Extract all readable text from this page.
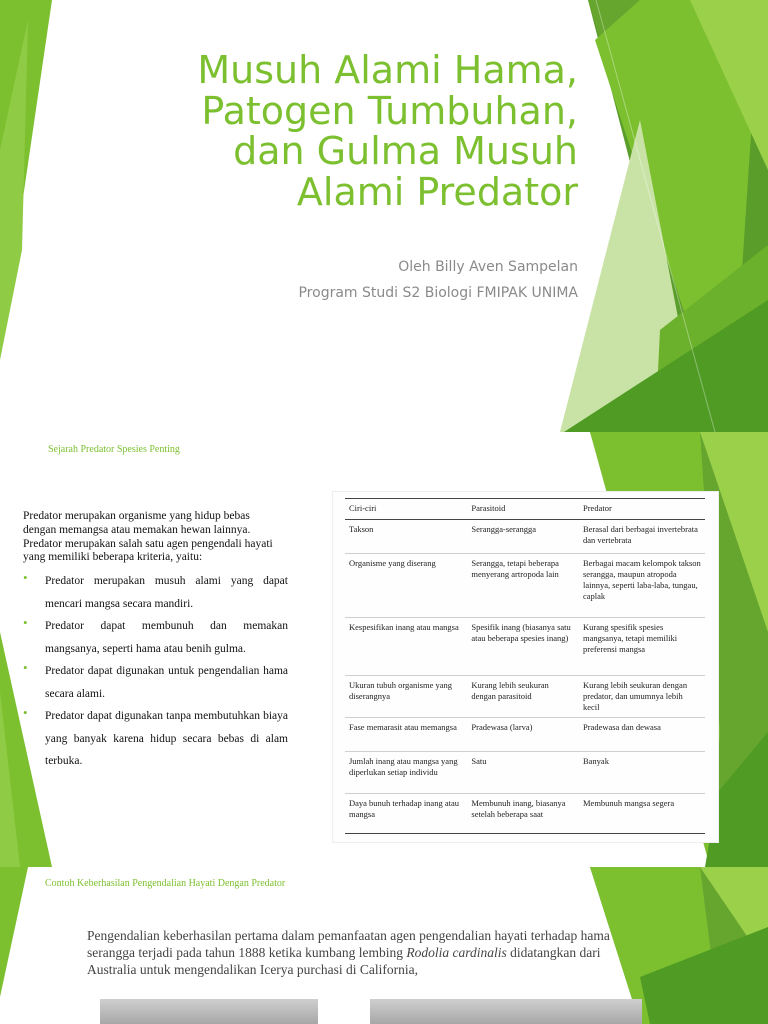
Musuh Alami Hama,
Patogen Tumbuhan,
dan Gulma Musuh
Alami Predator
Oleh Billy Aven Sampelan
Program Studi S2 Biologi FMIPAK UNIMA
Sejarah Predator Spesies Penting

Predator merupakan organisme yang hidup bebas dengan memangsa atau memakan hewan lainnya. Predator merupakan salah satu agen pengendali hayati yang memiliki beberapa kriteria, yaitu:

• Predator merupakan musuh alami yang dapat mencari mangsa secara mandiri.
• Predator dapat membunuh dan memakan mangsanya, seperti hama atau benih gulma.
• Predator dapat digunakan untuk pengendalian hama secara alami.
• Predator dapat digunakan tanpa membutuhkan biaya yang banyak karena hidup secara bebas di alam terbuka.
Ciri-ciri	Parasitoid	Predator
Takson	Serangga-serangga	Berasal dari berbagai invertebrata dan vertebrata
Organisme yang diserang	Serangga, tetapi beberapa menyerang artropoda lain	Berbagai macam kelompok takson serangga, maupun atropoda lainnya, seperti laba-laba, tungau, caplak
Kespesifikan inang atau mangsa	Spesifik inang (biasanya satu atau beberapa spesies inang)	Kurang spesifik spesies mangsanya, tetapi memiliki preferensi mangsa
Ukuran tubuh organisme yang diserangnya	Kurang lebih seukuran dengan parasitoid	Kurang lebih seukuran dengan predator, dan umumnya lebih kecil
Fase memarasit atau memangsa	Pradewasa (larva)	Pradewasa dan dewasa
Jumlah inang atau mangsa yang diperlukan setiap individu	Satu	Banyak
Daya bunuh terhadap inang atau mangsa	Membunuh inang, biasanya setelah beberapa saat	Membunuh mangsa segera
Contoh Keberhasilan Pengendalian Hayati Dengan Predator

Pengendalian keberhasilan pertama dalam pemanfaatan agen pengendalian hayati terhadap hama serangga terjadi pada tahun 1888 ketika kumbang lembing Rodolia cardinalis didatangkan dari Australia untuk mengendalikan Icerya purchasi di California,
